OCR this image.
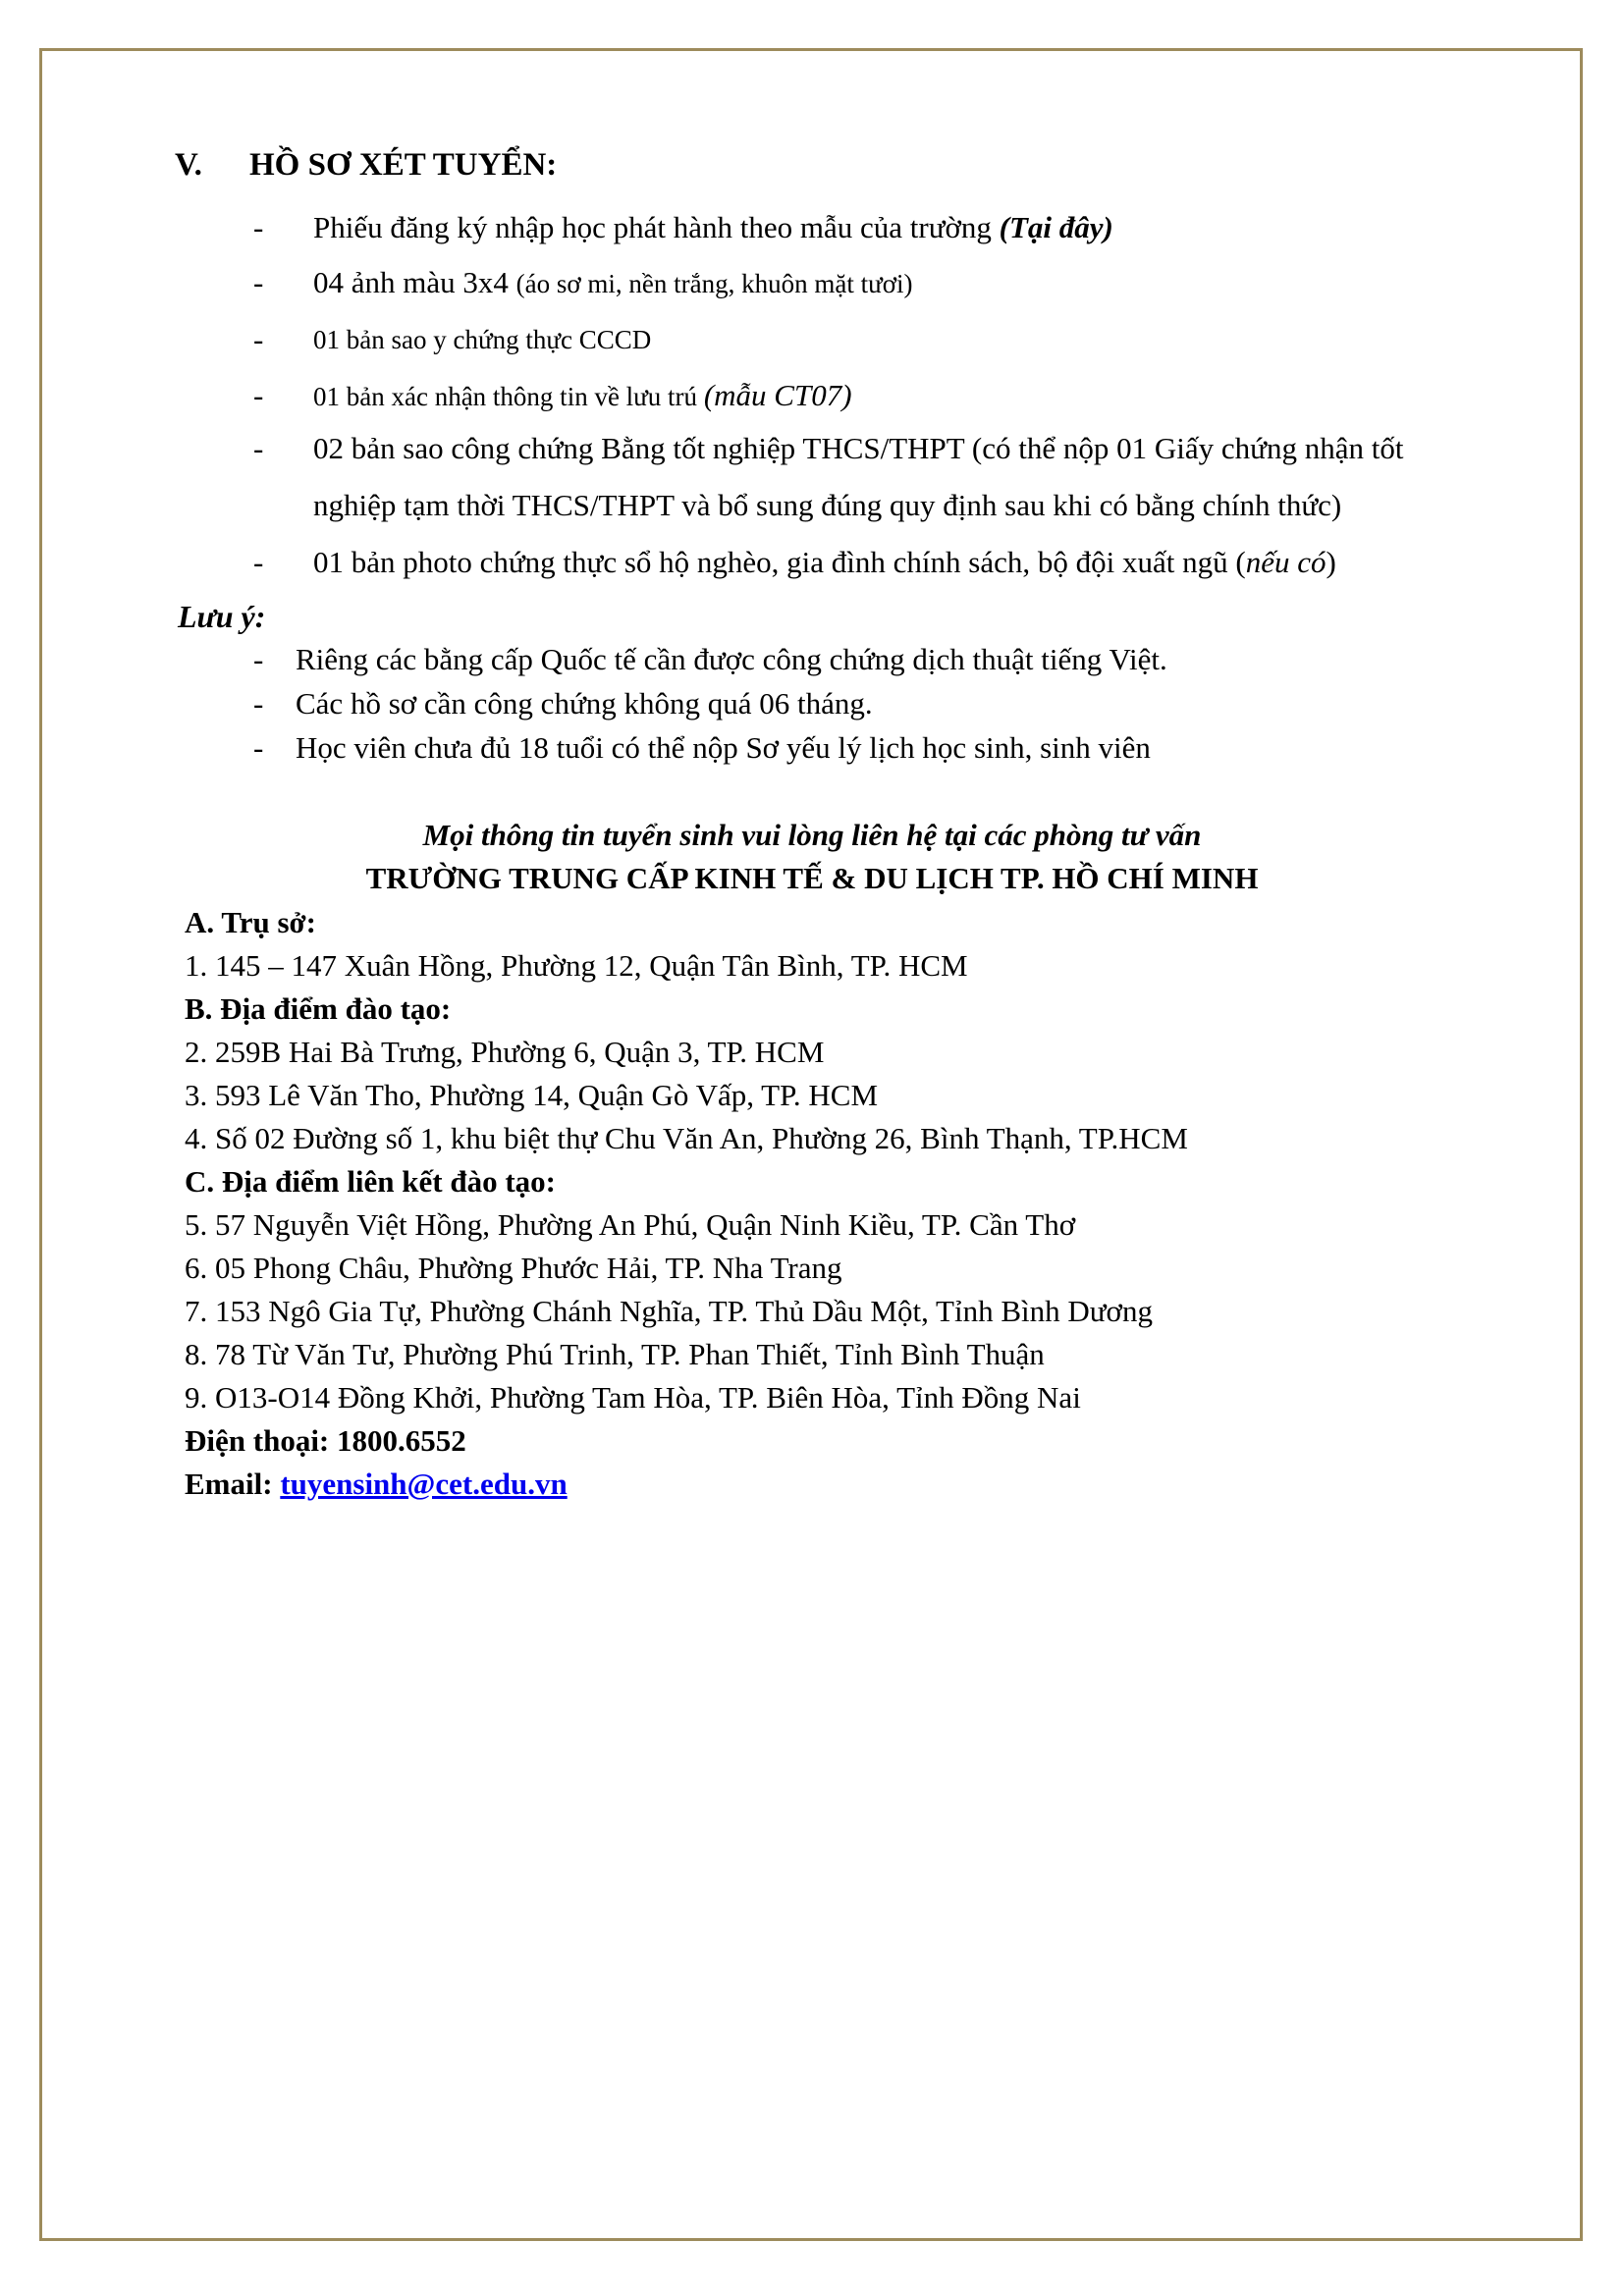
V. HỒ SƠ XÉT TUYỂN:
- Phiếu đăng ký nhập học phát hành theo mẫu của trường (Tại đây)
- 04 ảnh màu 3x4 (áo sơ mi, nền trắng, khuôn mặt tươi)
- 01 bản sao y chứng thực CCCD
- 01 bản xác nhận thông tin về lưu trú (mẫu CT07)
- 02 bản sao công chứng Bằng tốt nghiệp THCS/THPT (có thể nộp 01 Giấy chứng nhận tốt
nghiệp tạm thời THCS/THPT và bổ sung đúng quy định sau khi có bằng chính thức)
- 01 bản photo chứng thực sổ hộ nghèo, gia đình chính sách, bộ đội xuất ngũ (nếu có)
Lưu ý:
- Riêng các bằng cấp Quốc tế cần được công chứng dịch thuật tiếng Việt.
- Các hồ sơ cần công chứng không quá 06 tháng.
- Học viên chưa đủ 18 tuổi có thể nộp Sơ yếu lý lịch học sinh, sinh viên
Mọi thông tin tuyển sinh vui lòng liên hệ tại các phòng tư vấn
TRƯỜNG TRUNG CẤP KINH TẾ & DU LỊCH TP. HỒ CHÍ MINH
A. Trụ sở:
1. 145 – 147 Xuân Hồng, Phường 12, Quận Tân Bình, TP. HCM
B. Địa điểm đào tạo:
2. 259B Hai Bà Trưng, Phường 6, Quận 3, TP. HCM
3. 593 Lê Văn Tho, Phường 14, Quận Gò Vấp, TP. HCM
4. Số 02 Đường số 1, khu biệt thự Chu Văn An, Phường 26, Bình Thạnh, TP.HCM
C. Địa điểm liên kết đào tạo:
5. 57 Nguyễn Việt Hồng, Phường An Phú, Quận Ninh Kiều, TP. Cần Thơ
6. 05 Phong Châu, Phường Phước Hải, TP. Nha Trang
7. 153 Ngô Gia Tự, Phường Chánh Nghĩa, TP. Thủ Dầu Một, Tỉnh Bình Dương
8. 78 Từ Văn Tư, Phường Phú Trinh, TP. Phan Thiết, Tỉnh Bình Thuận
9. O13-O14 Đồng Khởi, Phường Tam Hòa, TP. Biên Hòa, Tỉnh Đồng Nai
Điện thoại: 1800.6552
Email: tuyensinh@cet.edu.vn
